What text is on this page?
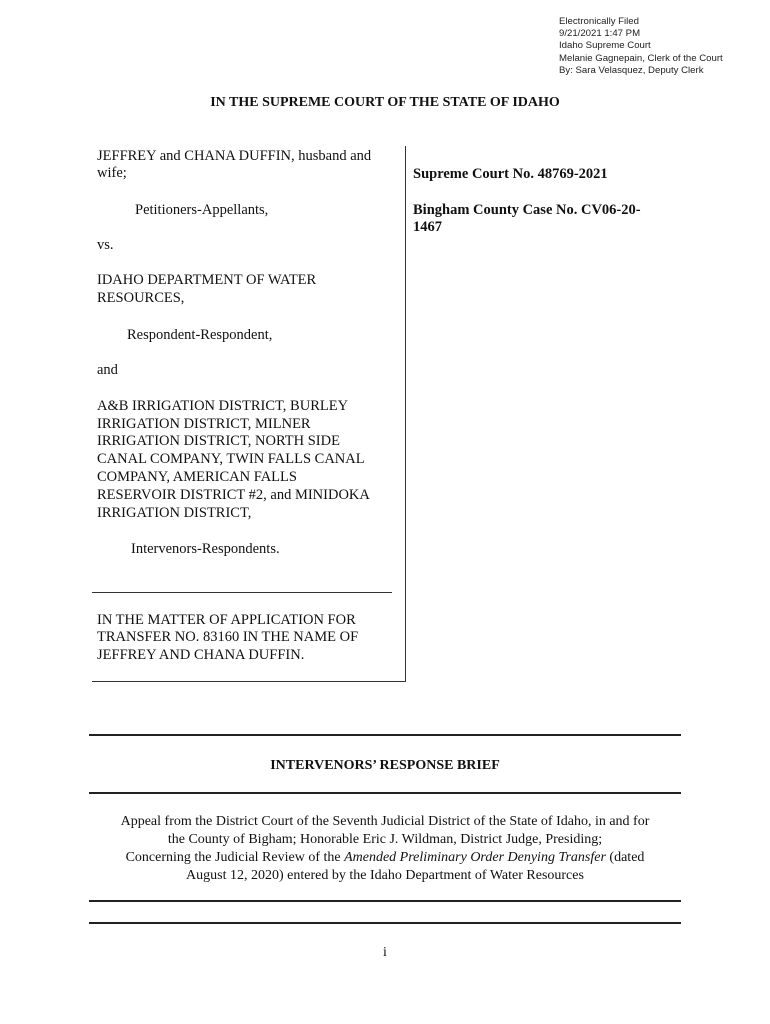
Electronically Filed
9/21/2021 1:47 PM
Idaho Supreme Court
Melanie Gagnepain, Clerk of the Court
By: Sara Velasquez, Deputy Clerk
IN THE SUPREME COURT OF THE STATE OF IDAHO
JEFFREY and CHANA DUFFIN, husband and
wife;
Petitioners-Appellants,
vs.
IDAHO DEPARTMENT OF WATER
RESOURCES,
Respondent-Respondent,
and
A&B IRRIGATION DISTRICT, BURLEY
IRRIGATION DISTRICT, MILNER
IRRIGATION DISTRICT, NORTH SIDE
CANAL COMPANY, TWIN FALLS CANAL
COMPANY, AMERICAN FALLS
RESERVOIR DISTRICT #2, and MINIDOKA
IRRIGATION DISTRICT,
Intervenors-Respondents.
IN THE MATTER OF APPLICATION FOR
TRANSFER NO. 83160 IN THE NAME OF
JEFFREY AND CHANA DUFFIN.
Supreme Court No. 48769-2021
Bingham County Case No. CV06-20-
1467
INTERVENORS’ RESPONSE BRIEF
Appeal from the District Court of the Seventh Judicial District of the State of Idaho, in and for
the County of Bigham; Honorable Eric J. Wildman, District Judge, Presiding;
Concerning the Judicial Review of the Amended Preliminary Order Denying Transfer (dated
August 12, 2020) entered by the Idaho Department of Water Resources
i
